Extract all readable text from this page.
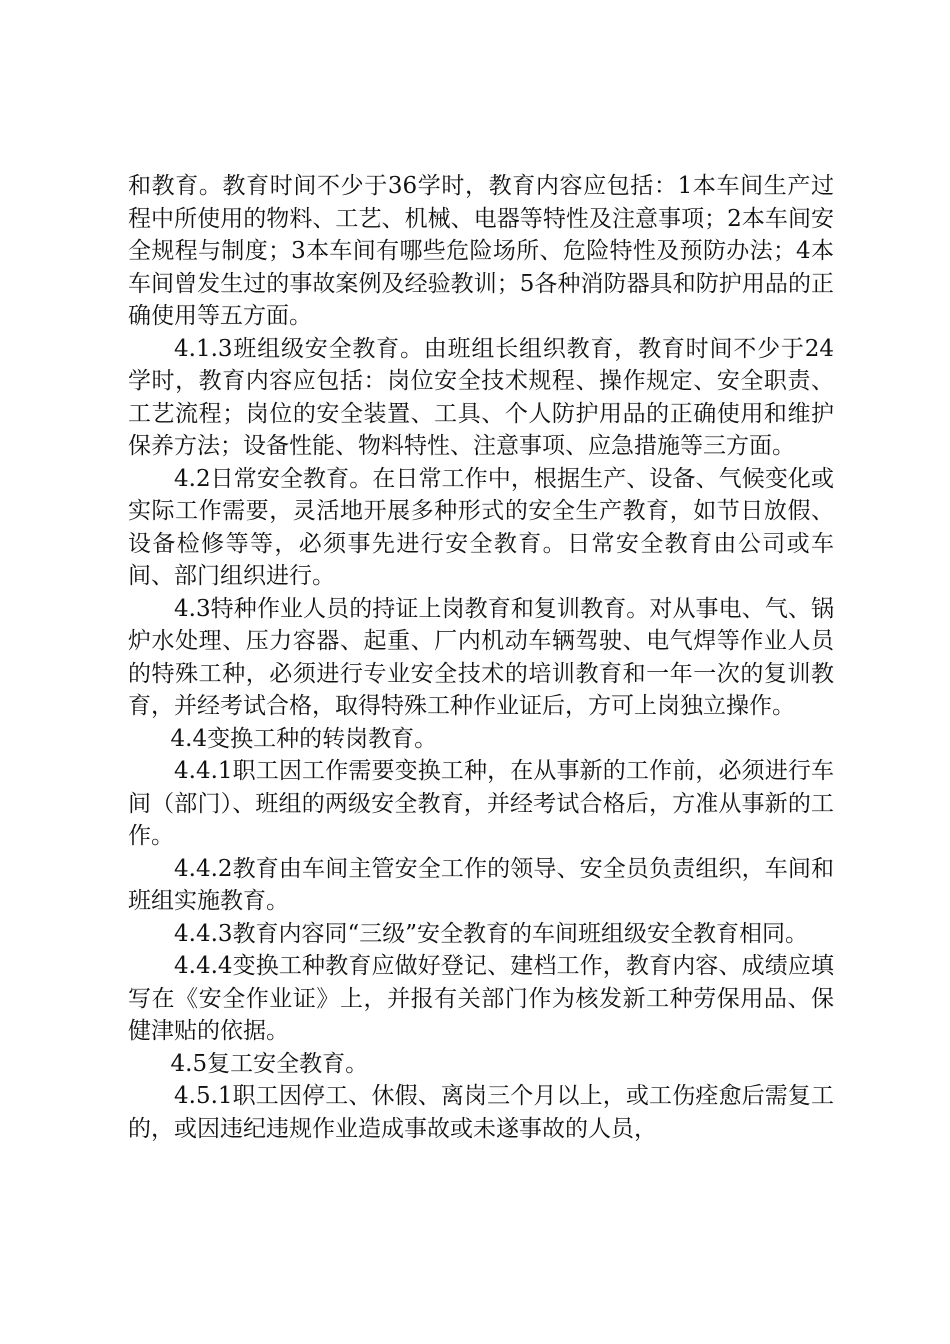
和教育。教育时间不少于36学时，教育内容应包括：1本车间生产过程中所使用的物料、工艺、机械、电器等特性及注意事项；2本车间安全规程与制度；3本车间有哪些危险场所、危险特性及预防办法；4本车间曾发生过的事故案例及经验教训；5各种消防器具和防护用品的正确使用等五方面。

4.1.3班组级安全教育。由班组长组织教育，教育时间不少于24学时，教育内容应包括：岗位安全技术规程、操作规定、安全职责、工艺流程；岗位的安全装置、工具、个人防护用品的正确使用和维护保养方法；设备性能、物料特性、注意事项、应急措施等三方面。

4.2日常安全教育。在日常工作中，根据生产、设备、气候变化或实际工作需要，灵活地开展多种形式的安全生产教育，如节日放假、设备检修等等，必须事先进行安全教育。日常安全教育由公司或车间、部门组织进行。

4.3特种作业人员的持证上岗教育和复训教育。对从事电、气、锅炉水处理、压力容器、起重、厂内机动车辆驾驶、电气焊等作业人员的特殊工种，必须进行专业安全技术的培训教育和一年一次的复训教育，并经考试合格，取得特殊工种作业证后，方可上岗独立操作。

4.4变换工种的转岗教育。

4.4.1职工因工作需要变换工种，在从事新的工作前，必须进行车间（部门）、班组的两级安全教育，并经考试合格后，方准从事新的工作。

4.4.2教育由车间主管安全工作的领导、安全员负责组织，车间和班组实施教育。

4.4.3教育内容同“三级”安全教育的车间班组级安全教育相同。

4.4.4变换工种教育应做好登记、建档工作，教育内容、成绩应填写在《安全作业证》上，并报有关部门作为核发新工种劳保用品、保健津贴的依据。

4.5复工安全教育。

4.5.1职工因停工、休假、离岗三个月以上，或工伤痊愈后需复工的，或因违纪违规作业造成事故或未遂事故的人员，
